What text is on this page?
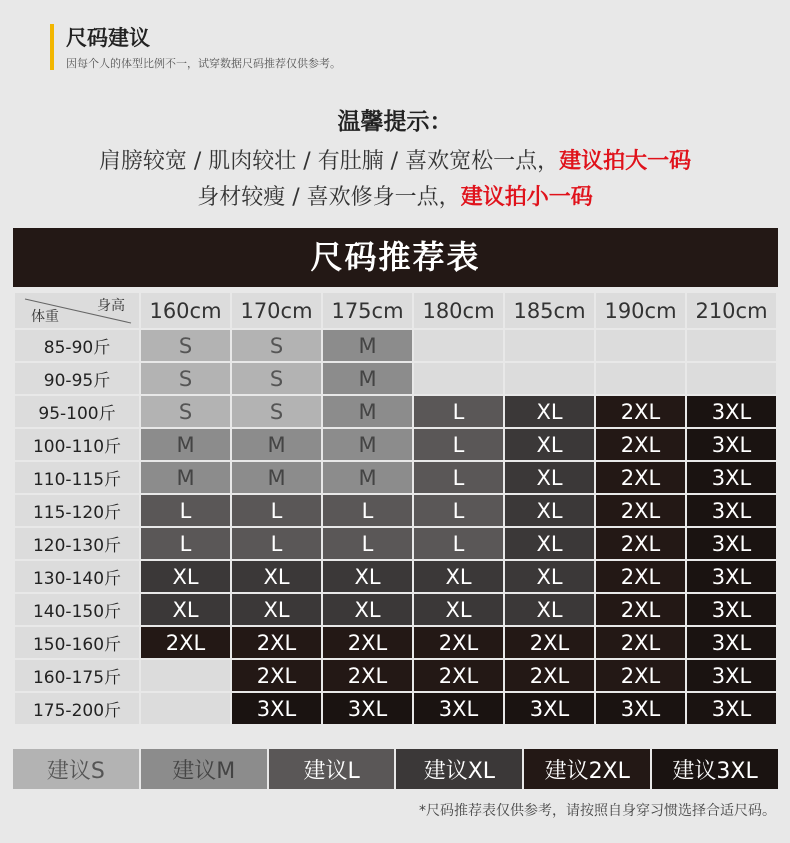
尺码建议
因每个人的体型比例不一，试穿数据尺码推荐仅供参考。
温馨提示：
肩膀较宽 / 肌肉较壮 / 有肚腩 / 喜欢宽松一点，建议拍大一码
身材较瘦 / 喜欢修身一点，建议拍小一码
尺码推荐表
身高
体重	160cm	170cm	175cm	180cm	185cm	190cm	210cm
85-90斤	S	S	M				
90-95斤	S	S	M				
95-100斤	S	S	M	L	XL	2XL	3XL
100-110斤	M	M	M	L	XL	2XL	3XL
110-115斤	M	M	M	L	XL	2XL	3XL
115-120斤	L	L	L	L	XL	2XL	3XL
120-130斤	L	L	L	L	XL	2XL	3XL
130-140斤	XL	XL	XL	XL	XL	2XL	3XL
140-150斤	XL	XL	XL	XL	XL	2XL	3XL
150-160斤	2XL	2XL	2XL	2XL	2XL	2XL	3XL
160-175斤		2XL	2XL	2XL	2XL	2XL	3XL
175-200斤		3XL	3XL	3XL	3XL	3XL	3XL
建议S	建议M	建议L	建议XL	建议2XL	建议3XL
*尺码推荐表仅供参考，请按照自身穿习惯选择合适尺码。
